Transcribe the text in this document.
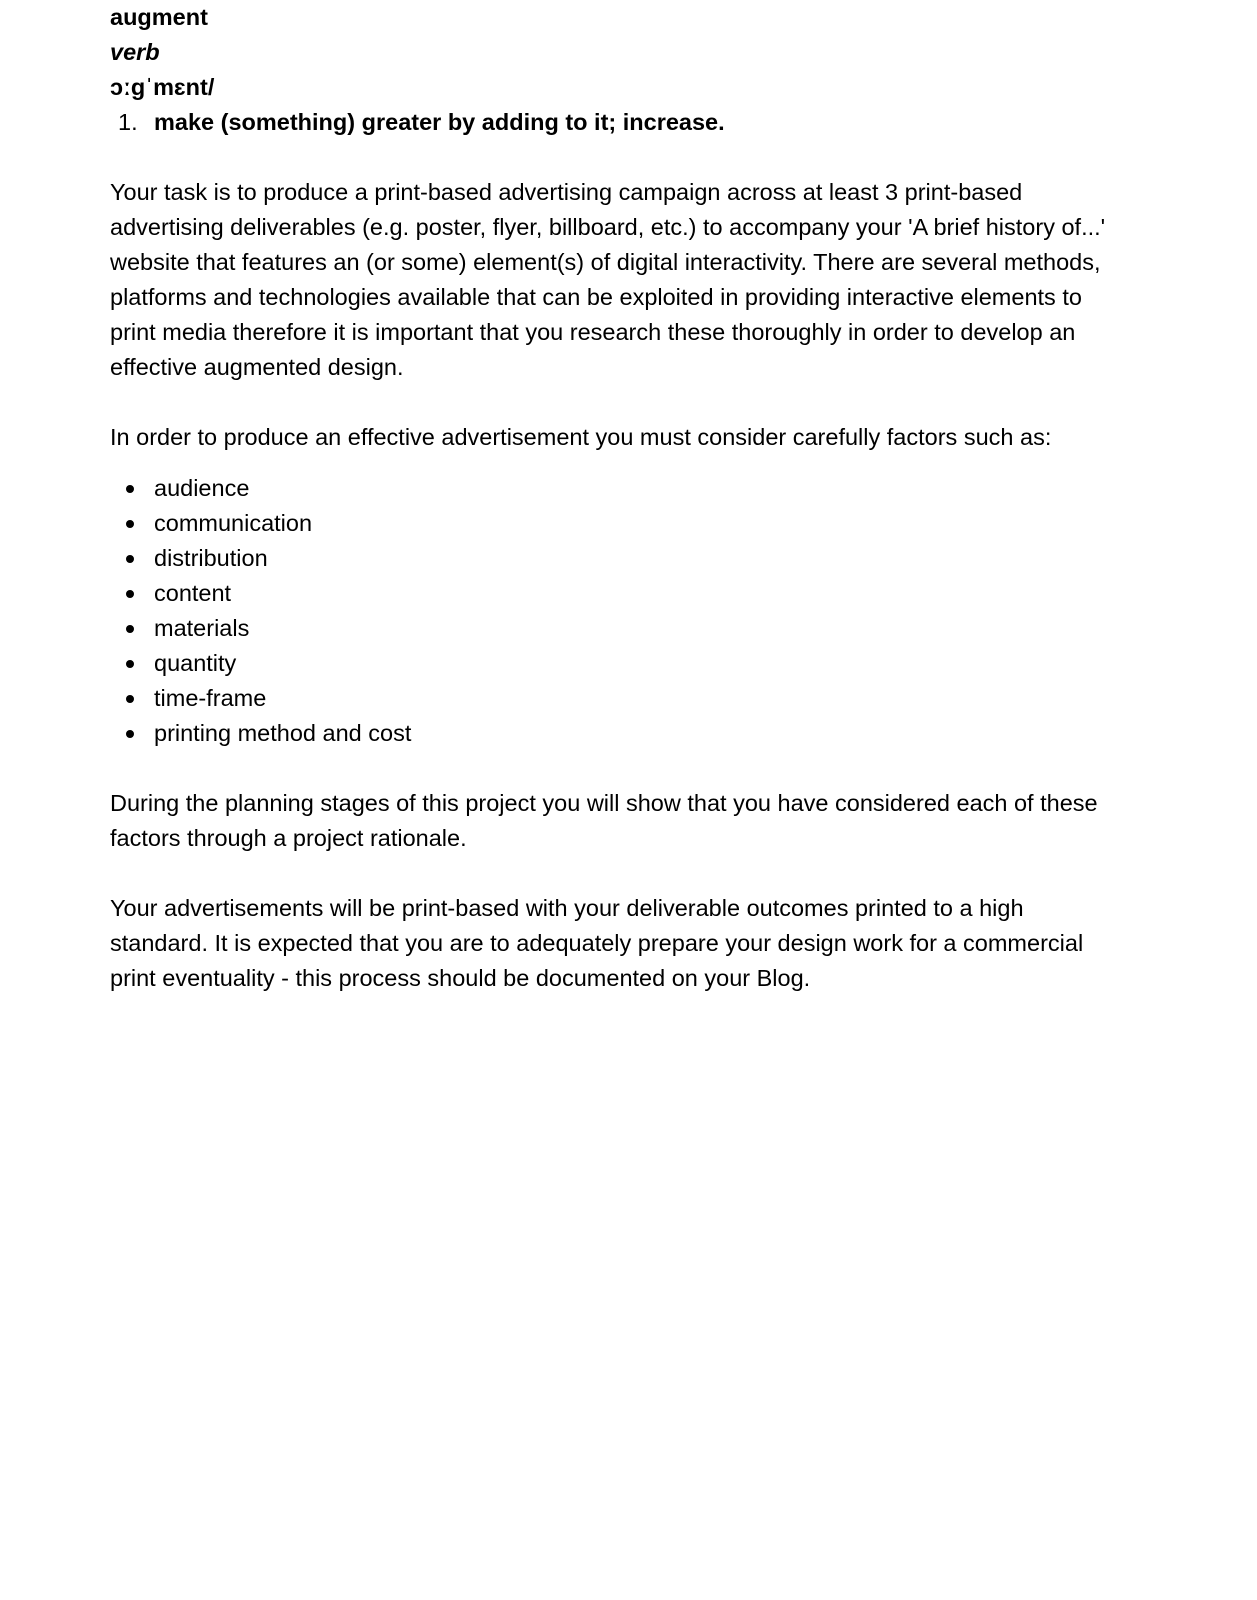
augment

verb

ɔːɡˈmɛnt/

1. make (something) greater by adding to it; increase.

Your task is to produce a print-based advertising campaign across at least 3 print-based advertising deliverables (e.g. poster, flyer, billboard, etc.) to accompany your 'A brief history of...' website that features an (or some) element(s) of digital interactivity. There are several methods, platforms and technologies available that can be exploited in providing interactive elements to print media therefore it is important that you research these thoroughly in order to develop an effective augmented design.

In order to produce an effective advertisement you must consider carefully factors such as:

audience
communication
distribution
content
materials
quantity
time-frame
printing method and cost

During the planning stages of this project you will show that you have considered each of these factors through a project rationale.

Your advertisements will be print-based with your deliverable outcomes printed to a high standard. It is expected that you are to adequately prepare your design work for a commercial print eventuality - this process should be documented on your Blog.
